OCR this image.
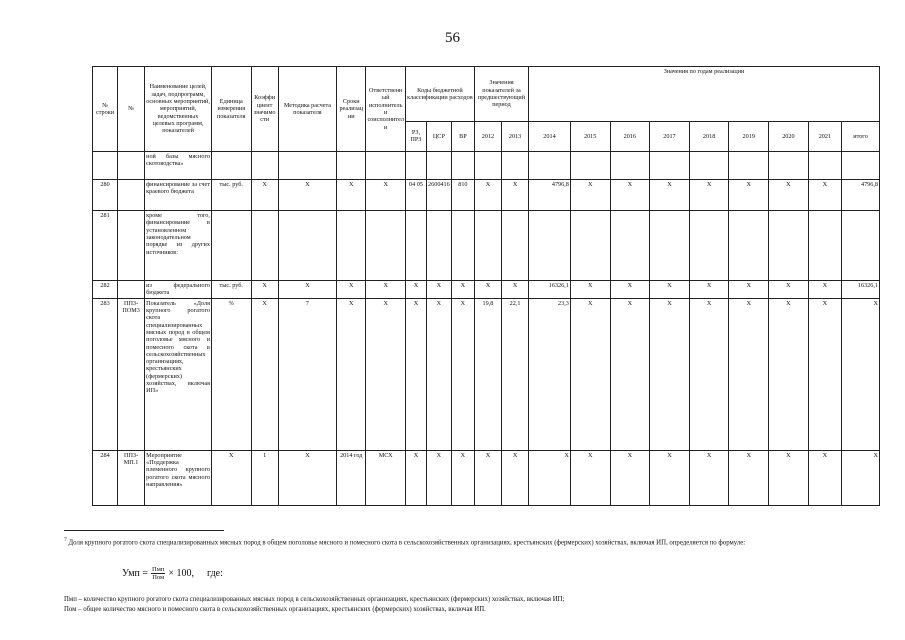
56
№ строки	№	Наименование целей, задач, подпрограмм, основных мероприятий, мероприятий, ведомственных целевых программ, показателей	Единица измерения показателя	Коэффициент значимости	Методика расчета показателя	Сроки реализации	Ответственный исполнитель и соисполнители	Коды бюджетной классификации расходов			Значения показателей за предшествующий период		Значения по годам реализации								
								РЗ, ПРЗ	ЦСР	ВР	2012	2013	2014	2015	2016	2017	2018	2019	2020	2021	итого
		ной базы мясного скотоводства»																			
280		финансирование за счет краевого бюджета	тыс. руб.	X	X	X	X	04 05	2600416	810	X	X	4796,8	X	X	X	X	X	X	X	4796,8
281		кроме того, финансирование в установленном законодательном порядке из других источников:																			
282		из федерального бюджета	тыс. руб.	X	X	X	X	X	X	X	X	X	16326,1	X	X	X	X	X	X	X	16326,1
283	ПП3-ПОМ3	Показатель «Доля крупного рогатого скота специализированных мясных пород в общем поголовье мясного и помесного скота в сельскохозяйственных организациях, крестьянских (фермерских) хозяйствах, включая ИП»	%	X	7	X	X	X	X	X	19,8	22,1	23,3	X	X	X	X	X	X	X	X
284	ПП3-МП.1	Мероприятие «Поддержка племенного крупного рогатого скота мясного направления»	X	1	X	2014 год	МСХ	X	X	X	X	X	X	X	X	X	X	X	X	X	X
$^7$ Доля крупного рогатого скота специализированных мясных пород в общем поголовье мясного и помесного скота в сельскохозяйственных организациях, крестьянских (фермерских) хозяйствах, включая ИП, определяется по формуле:
Умп = $\frac{\text{Пмп}}{\text{Пом}} \times 100$, где:
Пмп – количество крупного рогатого скота специализированных мясных пород в сельскохозяйственных организациях, крестьянских (фермерских) хозяйствах, включая ИП;
Пом – общее количество мясного и помесного скота в сельскохозяйственных организациях, крестьянских (фермерских) хозяйствах, включая ИП.
